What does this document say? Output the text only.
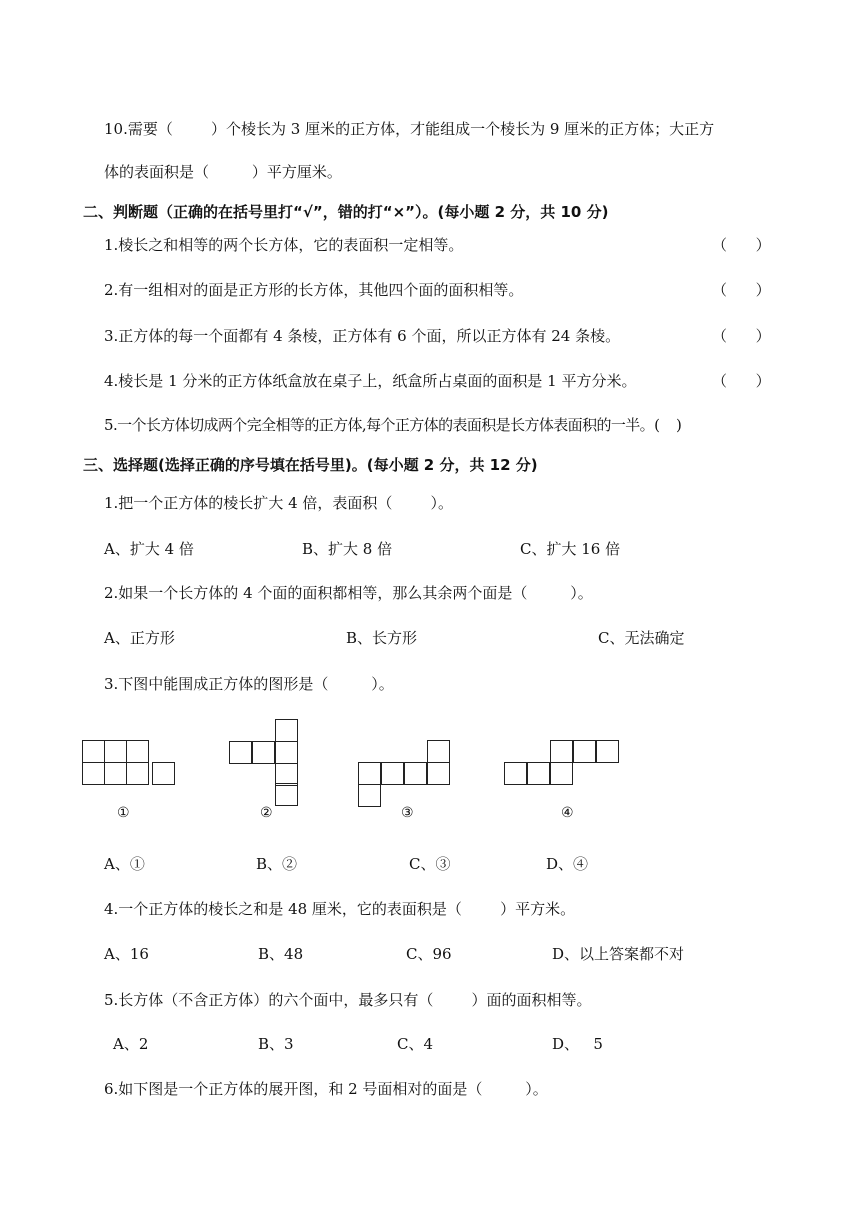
10.需要（        ）个棱长为 3 厘米的正方体，才能组成一个棱长为 9 厘米的正方体；大正方
体的表面积是（         ）平方厘米。
二、判断题（正确的在括号里打“√”，错的打“×”）。(每小题 2 分，共 10 分)
1.棱长之和相等的两个长方体，它的表面积一定相等。	（      ）
2.有一组相对的面是正方形的长方体，其他四个面的面积相等。	（      ）
3.正方体的每一个面都有 4 条棱，正方体有 6 个面，所以正方体有 24 条棱。	（      ）
4.棱长是 1 分米的正方体纸盒放在桌子上，纸盒所占桌面的面积是 1 平方分米。	（      ）
5.一个长方体切成两个完全相等的正方体,每个正方体的表面积是长方体表面积的一半。(    )
三、选择题(选择正确的序号填在括号里)。(每小题 2 分，共 12 分)
1.把一个正方体的棱长扩大 4 倍，表面积（        ）。
A、扩大 4 倍	B、扩大 8 倍	C、扩大 16 倍
2.如果一个长方体的 4 个面的面积都相等，那么其余两个面是（         ）。
A、正方形	B、长方形	C、无法确定
3.下图中能围成正方体的图形是（         ）。
①	②	③	④
A、①	B、②	C、③	D、④
4.一个正方体的棱长之和是 48 厘米，它的表面积是（        ）平方米。
A、16	B、48	C、96	D、以上答案都不对
5.长方体（不含正方体）的六个面中，最多只有（        ）面的面积相等。
A、2	B、3	C、4	D、   5
6.如下图是一个正方体的展开图，和 2 号面相对的面是（         ）。
